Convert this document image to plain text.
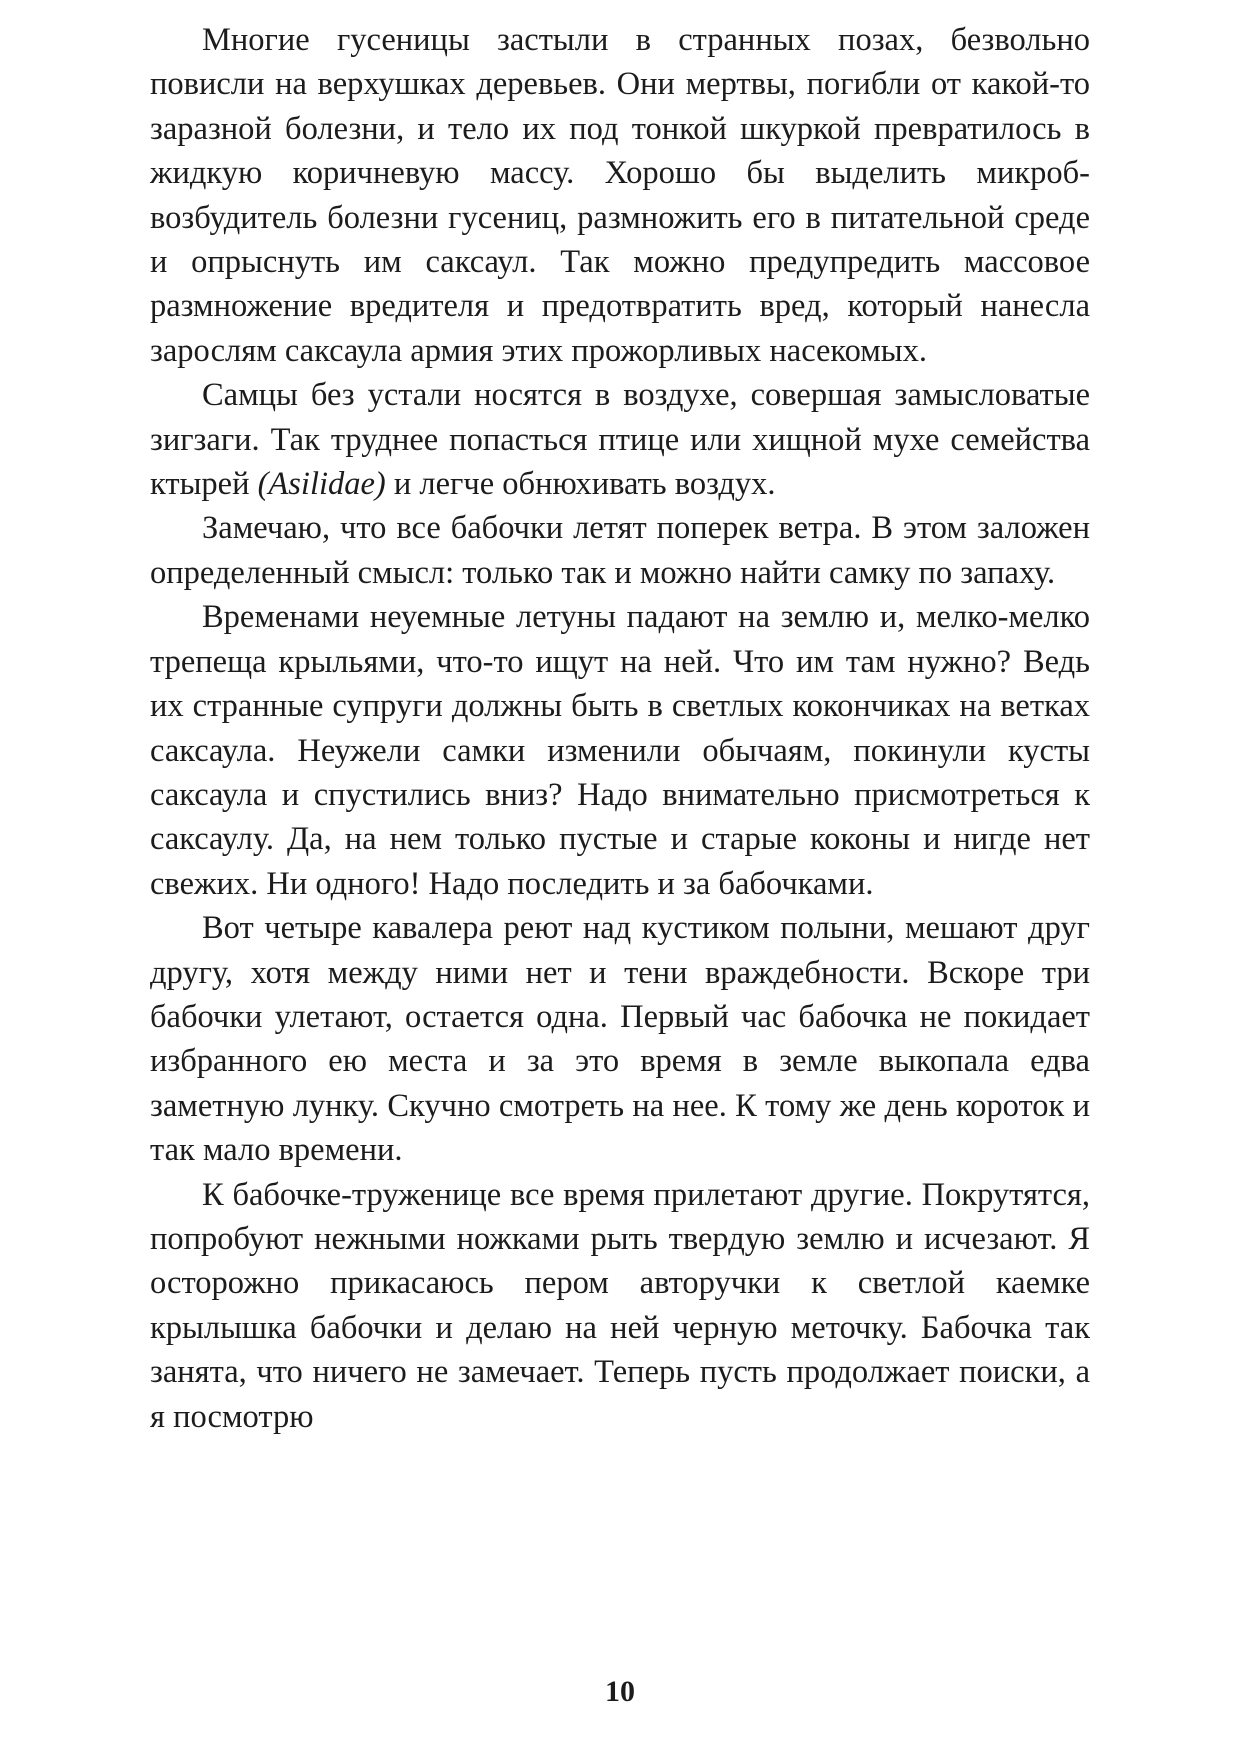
Многие гусеницы застыли в странных позах, безвольно повисли на верхушках деревьев. Они мертвы, погибли от какой-то заразной болезни, и тело их под тонкой шкуркой превратилось в жидкую коричневую массу. Хорошо бы выделить микроб-возбудитель болезни гусениц, размножить его в питательной среде и опрыснуть им саксаул. Так можно предупредить массовое размножение вредителя и предотвратить вред, который нанесла зарослям саксаула армия этих прожорливых насекомых.

Самцы без устали носятся в воздухе, совершая замысловатые зигзаги. Так труднее попасться птице или хищной мухе семейства ктырей (Asilidae) и легче обнюхивать воздух.

Замечаю, что все бабочки летят поперек ветра. В этом заложен определенный смысл: только так и можно найти самку по запаху.

Временами неуемные летуны падают на землю и, мелко-мелко трепеща крыльями, что-то ищут на ней. Что им там нужно? Ведь их странные супруги должны быть в светлых кокончиках на ветках саксаула. Неужели самки изменили обычаям, покинули кусты саксаула и спустились вниз? Надо внимательно присмотреться к саксаулу. Да, на нем только пустые и старые коконы и нигде нет свежих. Ни одного! Надо последить и за бабочками.

Вот четыре кавалера реют над кустиком полыни, мешают друг другу, хотя между ними нет и тени враждебности. Вскоре три бабочки улетают, остается одна. Первый час бабочка не покидает избранного ею места и за это время в земле выкопала едва заметную лунку. Скучно смотреть на нее. К тому же день короток и так мало времени.

К бабочке-труженице все время прилетают другие. Покрутятся, попробуют нежными ножками рыть твердую землю и исчезают. Я осторожно прикасаюсь пером авторучки к светлой каемке крылышка бабочки и делаю на ней черную меточку. Бабочка так занята, что ничего не замечает. Теперь пусть продолжает поиски, а я посмотрю

10
